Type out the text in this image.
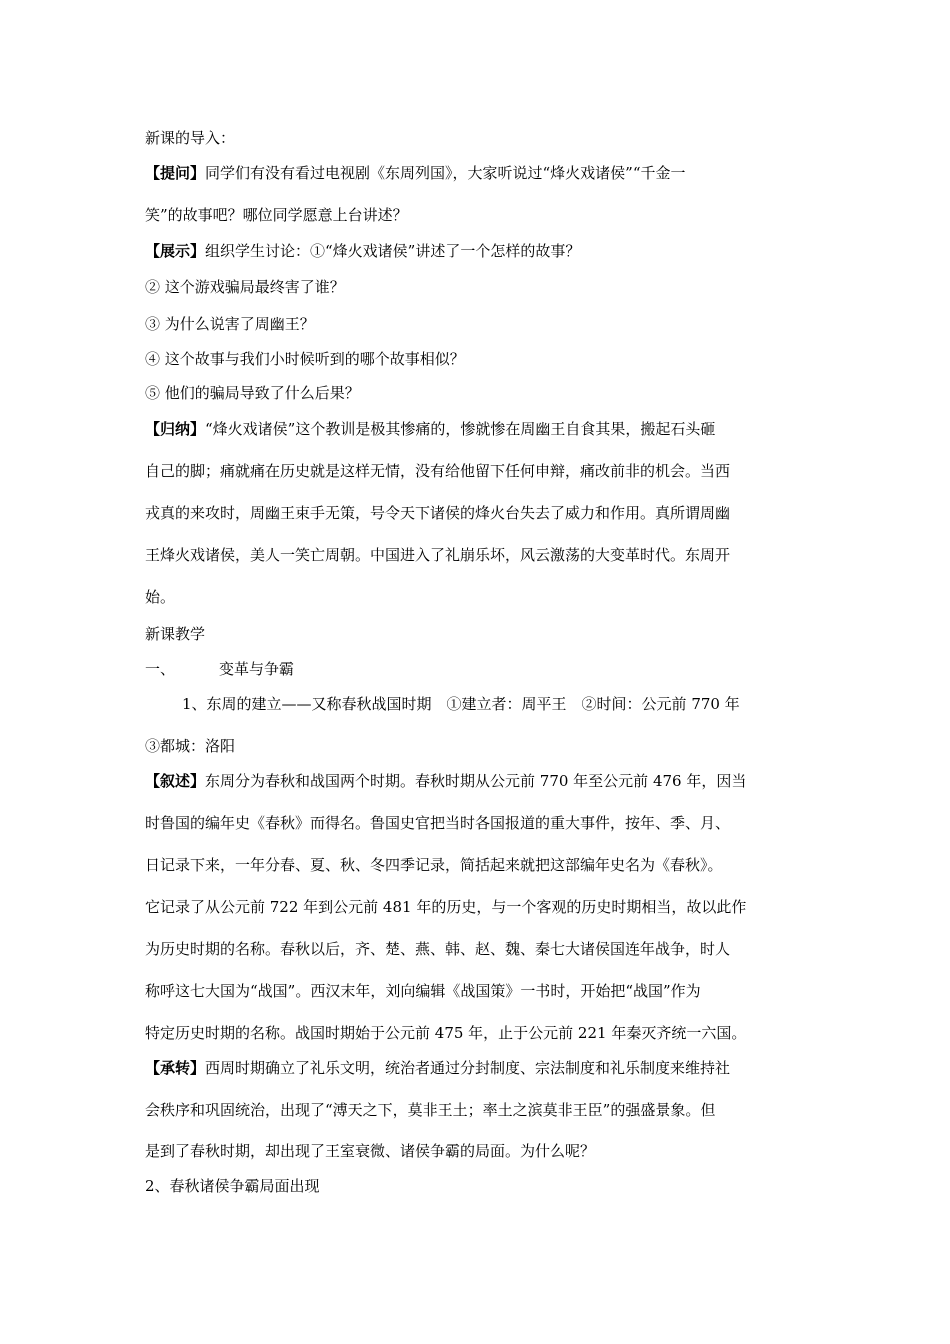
新课的导入：
【提问】同学们有没有看过电视剧《东周列国》，大家听说过“烽火戏诸侯”“千金一
笑”的故事吧？哪位同学愿意上台讲述？
【展示】组织学生讨论：①“烽火戏诸侯”讲述了一个怎样的故事？
② 这个游戏骗局最终害了谁？
③ 为什么说害了周幽王？
④ 这个故事与我们小时候听到的哪个故事相似？
⑤ 他们的骗局导致了什么后果？
【归纳】“烽火戏诸侯”这个教训是极其惨痛的，惨就惨在周幽王自食其果，搬起石头砸
自己的脚；痛就痛在历史就是这样无情，没有给他留下任何申辩，痛改前非的机会。当西
戎真的来攻时，周幽王束手无策，号令天下诸侯的烽火台失去了威力和作用。真所谓周幽
王烽火戏诸侯，美人一笑亡周朝。中国进入了礼崩乐坏，风云激荡的大变革时代。东周开
始。
新课教学
一、	变革与争霸
1、东周的建立——又称春秋战国时期　①建立者：周平王　②时间：公元前 770 年
③都城：洛阳
【叙述】东周分为春秋和战国两个时期。春秋时期从公元前 770 年至公元前 476 年，因当
时鲁国的编年史《春秋》而得名。鲁国史官把当时各国报道的重大事件，按年、季、月、
日记录下来，一年分春、夏、秋、冬四季记录，简括起来就把这部编年史名为《春秋》。
它记录了从公元前 722 年到公元前 481 年的历史，与一个客观的历史时期相当，故以此作
为历史时期的名称。春秋以后，齐、楚、燕、韩、赵、魏、秦七大诸侯国连年战争，时人
称呼这七大国为“战国”。西汉末年，刘向编辑《战国策》一书时，开始把“战国”作为
特定历史时期的名称。战国时期始于公元前 475 年，止于公元前 221 年秦灭齐统一六国。
【承转】西周时期确立了礼乐文明，统治者通过分封制度、宗法制度和礼乐制度来维持社
会秩序和巩固统治，出现了“溥天之下，莫非王土；率土之滨莫非王臣”的强盛景象。但
是到了春秋时期，却出现了王室衰微、诸侯争霸的局面。为什么呢？
2、春秋诸侯争霸局面出现
